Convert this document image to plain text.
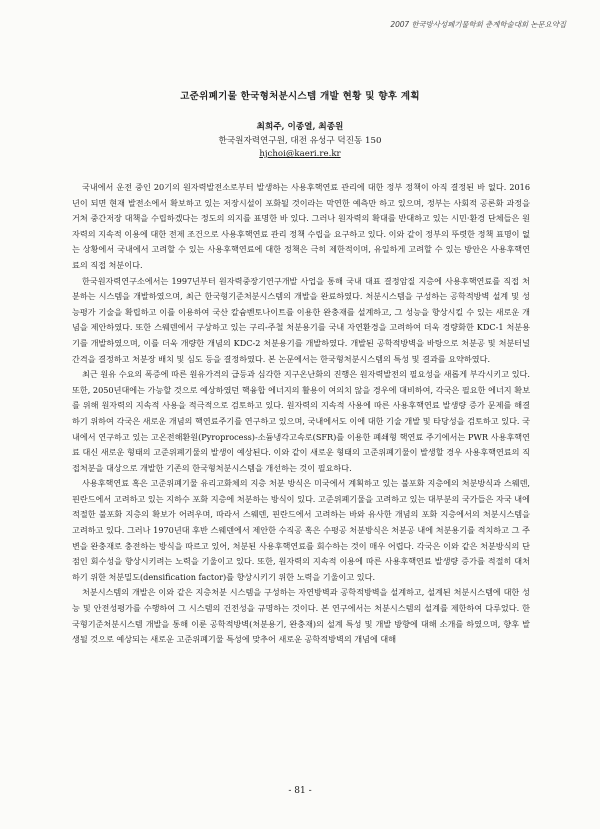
2007 한국방사성폐기물학회 춘계학술대회 논문요약집
고준위폐기물 한국형처분시스템 개발 현황 및 향후 계획
최희주, 이종열, 최종원
한국원자력연구원, 대전 유성구 덕진동 150
hjchoi@kaeri.re.kr

국내에서 운전 중인 20기의 원자력발전소로부터 발생하는 사용후핵연료 관리에 대한 정부 정책이 아직 결정된 바 없다. 2016년이 되면 현재 발전소에서 확보하고 있는 저장시설이 포화될 것이라는 막연한 예측만 하고 있으며, 정부는 사회적 공론화 과정을 거쳐 중간저장 대책을 수립하겠다는 정도의 의지를 표명한 바 있다. 그러나 원자력의 확대를 반대하고 있는 시민·환경 단체들은 원자력의 지속적 이용에 대한 전제 조건으로 사용후핵연료 관리 정책 수립을 요구하고 있다. 이와 같이 정부의 뚜렷한 정책 표명이 없는 상황에서 국내에서 고려할 수 있는 사용후핵연료에 대한 정책은 극히 제한적이며, 유일하게 고려할 수 있는 방안은 사용후핵연료의 직접 처분이다.

한국원자력연구소에서는 1997년부터 원자력중장기연구개발 사업을 통해 국내 대표 결정암질 지층에 사용후핵연료를 직접 처분하는 시스템을 개발하였으며, 최근 한국형기준처분시스템의 개발을 완료하였다. 처분시스템을 구성하는 공학적방벽 설계 및 성능평가 기술을 확립하고 이를 이용하여 국산 칼슘벤토나이트를 이용한 완충재를 설계하고, 그 성능을 향상시킬 수 있는 새로운 개념을 제안하였다. 또한 스웨덴에서 구상하고 있는 구리-주철 처분용기를 국내 자연환경을 고려하여 더욱 경량화한 KDC-1 처분용기를 개발하였으며, 이를 더욱 개량한 개념의 KDC-2 처분용기를 개발하였다. 개발된 공학적방벽을 바탕으로 처분공 및 처분터널 간격을 결정하고 처분장 배치 및 심도 등을 결정하였다. 본 논문에서는 한국형처분시스템의 특성 및 결과를 요약하였다.

최근 원유 수요의 폭증에 따른 원유가격의 급등과 심각한 지구온난화의 진행은 원자력발전의 필요성을 새롭게 부각시키고 있다. 또한, 2050년대에는 가능할 것으로 예상하였던 핵융합 에너지의 활용이 여의치 않을 경우에 대비하여, 각국은 필요한 에너지 확보를 위해 원자력의 지속적 사용을 적극적으로 검토하고 있다. 원자력의 지속적 사용에 따른 사용후핵연료 발생량 증가 문제를 해결하기 위하여 각국은 새로운 개념의 핵연료주기를 연구하고 있으며, 국내에서도 이에 대한 기술 개발 및 타당성을 검토하고 있다. 국내에서 연구하고 있는 고온전해환원(Pyroprocess)-소듐냉각고속로(SFR)를 이용한 폐쇄형 핵연료 주기에서는 PWR 사용후핵연료 대신 새로운 형태의 고준위폐기물의 발생이 예상된다. 이와 같이 새로운 형태의 고준위폐기물이 발생할 경우 사용후핵연료의 직접처분을 대상으로 개발한 기존의 한국형처분시스템을 개선하는 것이 필요하다.

사용후핵연료 혹은 고준위폐기물 유리고화체의 지층 처분 방식은 미국에서 계획하고 있는 불포화 지층에의 처분방식과 스웨덴, 핀란드에서 고려하고 있는 지하수 포화 지층에 처분하는 방식이 있다. 고준위폐기물을 고려하고 있는 대부분의 국가들은 자국 내에 적절한 불포화 지층의 확보가 어려우며, 따라서 스웨덴, 핀란드에서 고려하는 바와 유사한 개념의 포화 지층에서의 처분시스템을 고려하고 있다. 그러나 1970년대 후반 스웨덴에서 제안한 수직공 혹은 수평공 처분방식은 처분공 내에 처분용기를 적치하고 그 주변을 완충재로 충전하는 방식을 따르고 있어, 처분된 사용후핵연료를 회수하는 것이 매우 어렵다. 각국은 이와 같은 처분방식의 단점인 회수성을 향상시키려는 노력을 기울이고 있다. 또한, 원자력의 지속적 이용에 따른 사용후핵연료 발생량 증가를 적절히 대처하기 위한 처분밀도(densification factor)를 향상시키기 위한 노력을 기울이고 있다.

처분시스템의 개발은 이와 같은 지층처분 시스템을 구성하는 자연방벽과 공학적방벽을 설계하고, 설계된 처분시스템에 대한 성능 및 안전성평가를 수행하여 그 시스템의 건전성을 규명하는 것이다. 본 연구에서는 처분시스템의 설계를 제한하여 다루었다. 한국형기준처분시스템 개발을 통해 이룬 공학적방벽(처분용기, 완충재)의 설계 특성 및 개발 방향에 대해 소개를 하였으며, 향후 발생될 것으로 예상되는 새로운 고준위폐기물 특성에 맞추어 새로운 공학적방벽의 개념에 대해

- 81 -
